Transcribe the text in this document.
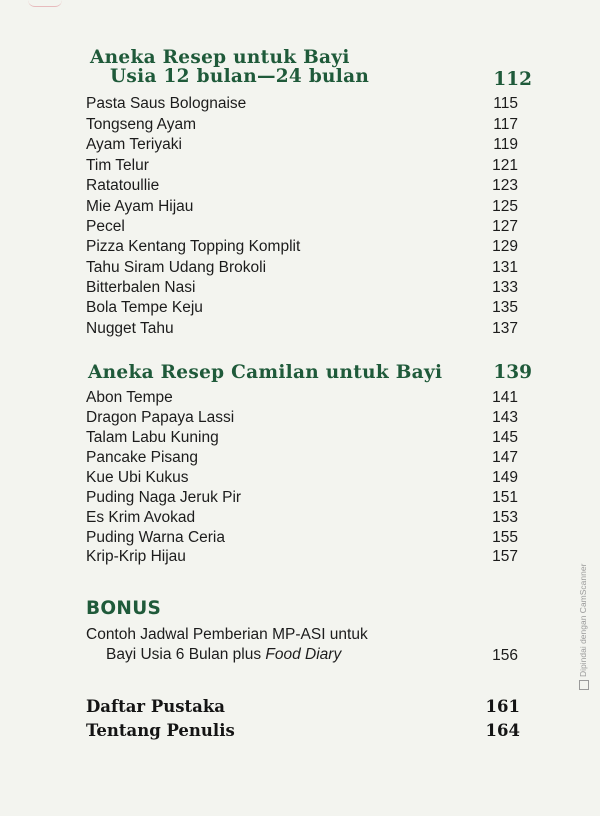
Aneka Resep untuk Bayi
Usia 12 bulan—24 bulan	112
Pasta Saus Bolognaise	115
Tongseng Ayam	117
Ayam Teriyaki	119
Tim Telur	121
Ratatoullie	123
Mie Ayam Hijau	125
Pecel	127
Pizza Kentang Topping Komplit	129
Tahu Siram Udang Brokoli	131
Bitterbalen Nasi	133
Bola Tempe Keju	135
Nugget Tahu	137
Aneka Resep Camilan untuk Bayi	139
Abon Tempe	141
Dragon Papaya Lassi	143
Talam Labu Kuning	145
Pancake Pisang	147
Kue Ubi Kukus	149
Puding Naga Jeruk Pir	151
Es Krim Avokad	153
Puding Warna Ceria	155
Krip-Krip Hijau	157
BONUS
Contoh Jadwal Pemberian MP-ASI untuk
Bayi Usia 6 Bulan plus Food Diary	156
Daftar Pustaka	161
Tentang Penulis	164
Dipindai dengan CamScanner
